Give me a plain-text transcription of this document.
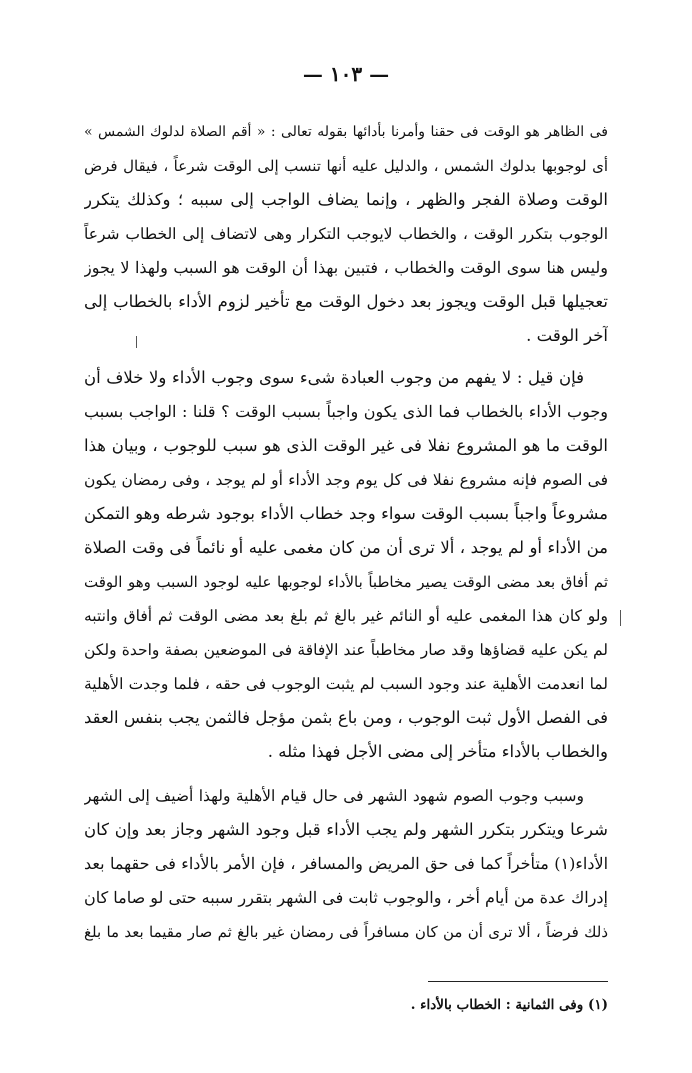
— ١٠٣ —
فى الظاهر هو الوقت فى حقنا وأمرنا بأدائها بقوله تعالى : « أقم الصلاة لدلوك الشمس »
أى لوجوبها بدلوك الشمس ، والدليل عليه أنها تنسب إلى الوقت شرعاً ، فيقال فرض
الوقت وصلاة الفجر والظهر ، وإنما يضاف الواجب إلى سببه ؛ وكذلك يتكرر
الوجوب بتكرر الوقت ، والخطاب لايوجب التكرار وهى لاتضاف إلى الخطاب شرعاً
وليس هنا سوى الوقت والخطاب ، فتبين بهذا أن الوقت هو السبب ولهذا لا يجوز
تعجيلها قبل الوقت ويجوز بعد دخول الوقت مع تأخير لزوم الأداء بالخطاب إلى
آخر الوقت .
فإن قيل : لا يفهم من وجوب العبادة شىء سوى وجوب الأداء ولا خلاف أن
وجوب الأداء بالخطاب فما الذى يكون واجباً بسبب الوقت ؟ قلنا : الواجب بسبب
الوقت ما هو المشروع نفلا فى غير الوقت الذى هو سبب للوجوب ، وبيان هذا
فى الصوم فإنه مشروع نفلا فى كل يوم وجد الأداء أو لم يوجد ، وفى رمضان يكون
مشروعاً واجباً بسبب الوقت سواء وجد خطاب الأداء بوجود شرطه وهو التمكن
من الأداء أو لم يوجد ، ألا ترى أن من كان مغمى عليه أو نائماً فى وقت الصلاة
ثم أفاق بعد مضى الوقت يصير مخاطباً بالأداء لوجوبها عليه لوجود السبب وهو الوقت
ولو كان هذا المغمى عليه أو النائم غير بالغ ثم بلغ بعد مضى الوقت ثم أفاق وانتبه
لم يكن عليه قضاؤها وقد صار مخاطباً عند الإفاقة فى الموضعين بصفة واحدة ولكن
لما انعدمت الأهلية عند وجود السبب لم يثبت الوجوب فى حقه ، فلما وجدت الأهلية
فى الفصل الأول ثبت الوجوب ، ومن باع بثمن مؤجل فالثمن يجب بنفس العقد
والخطاب بالأداء متأخر إلى مضى الأجل فهذا مثله .
وسبب وجوب الصوم شهود الشهر فى حال قيام الأهلية ولهذا أضيف إلى الشهر
شرعا ويتكرر بتكرر الشهر ولم يجب الأداء قبل وجود الشهر وجاز بعد وإن كان
الأداء(١) متأخراً كما فى حق المريض والمسافر ، فإن الأمر بالأداء فى حقهما بعد
إدراك عدة من أيام أخر ، والوجوب ثابت فى الشهر بتقرر سببه حتى لو صاما كان
ذلك فرضاً ، ألا ترى أن من كان مسافراً فى رمضان غير بالغ ثم صار مقيما بعد ما بلغ
(١) وفى الثمانية : الخطاب بالأداء .
